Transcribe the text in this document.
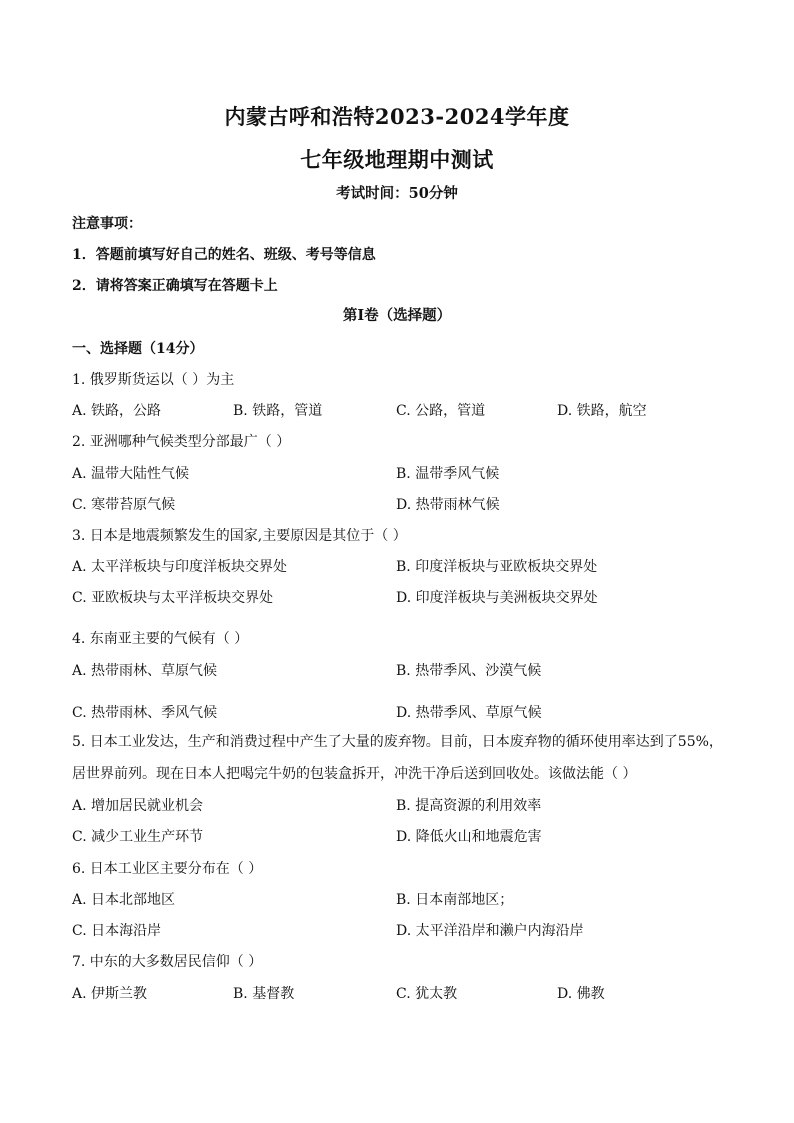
内蒙古呼和浩特2023-2024学年度
七年级地理期中测试
考试时间：50分钟
注意事项：
1．答题前填写好自己的姓名、班级、考号等信息
2．请将答案正确填写在答题卡上
第I卷（选择题）
一、选择题（14分）
1. 俄罗斯货运以（ ）为主
A. 铁路，公路	B. 铁路，管道	C. 公路，管道	D. 铁路，航空
2. 亚洲哪种气候类型分部最广（ ）
A. 温带大陆性气候	B. 温带季风气候
C. 寒带苔原气候	D. 热带雨林气候
3. 日本是地震频繁发生的国家,主要原因是其位于（ ）
A. 太平洋板块与印度洋板块交界处	B. 印度洋板块与亚欧板块交界处
C. 亚欧板块与太平洋板块交界处	D. 印度洋板块与美洲板块交界处
4. 东南亚主要的气候有（ ）
A. 热带雨林、草原气候	B. 热带季风、沙漠气候
C. 热带雨林、季风气候	D. 热带季风、草原气候
5. 日本工业发达，生产和消费过程中产生了大量的废弃物。目前，日本废弃物的循环使用率达到了55%，居世界前列。现在日本人把喝完牛奶的包装盒拆开，冲洗干净后送到回收处。该做法能（ ）
A. 增加居民就业机会	B. 提高资源的利用效率
C. 减少工业生产环节	D. 降低火山和地震危害
6. 日本工业区主要分布在（ ）
A. 日本北部地区	B. 日本南部地区；
C. 日本海沿岸	D. 太平洋沿岸和濑户内海沿岸
7. 中东的大多数居民信仰（ ）
A. 伊斯兰教	B. 基督教	C. 犹太教	D. 佛教
